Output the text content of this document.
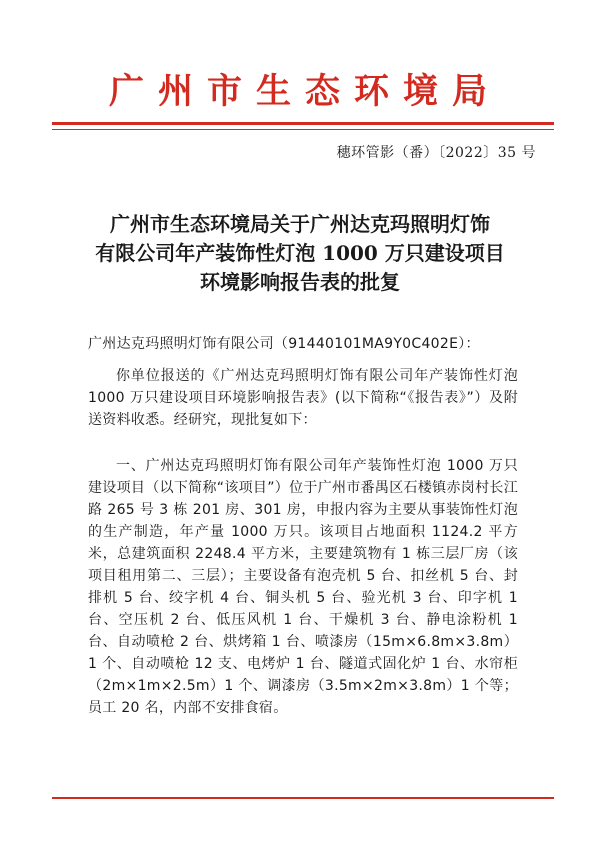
广州市生态环境局
穗环管影（番）〔2022〕35 号
广州市生态环境局关于广州达克玛照明灯饰
有限公司年产装饰性灯泡 1000 万只建设项目
环境影响报告表的批复

广州达克玛照明灯饰有限公司（91440101MA9Y0C402E）：

你单位报送的《广州达克玛照明灯饰有限公司年产装饰性灯泡 1000 万只建设项目环境影响报告表》(以下简称“《报告表》”）及附送资料收悉。经研究，现批复如下：

一、广州达克玛照明灯饰有限公司年产装饰性灯泡 1000 万只建设项目（以下简称“该项目”）位于广州市番禺区石楼镇赤岗村长江路 265 号 3 栋 201 房、301 房，申报内容为主要从事装饰性灯泡的生产制造，年产量 1000 万只。该项目占地面积 1124.2 平方米，总建筑面积 2248.4 平方米，主要建筑物有 1 栋三层厂房（该项目租用第二、三层）；主要设备有泡壳机 5 台、扣丝机 5 台、封排机 5 台、绞字机 4 台、铜头机 5 台、验光机 3 台、印字机 1 台、空压机 2 台、低压风机 1 台、干燥机 3 台、静电涂粉机 1 台、自动喷枪 2 台、烘烤箱 1 台、喷漆房（15m×6.8m×3.8m）1 个、自动喷枪 12 支、电烤炉 1 台、隧道式固化炉 1 台、水帘柜（2m×1m×2.5m）1 个、调漆房（3.5m×2m×3.8m）1 个等；员工 20 名，内部不安排食宿。
